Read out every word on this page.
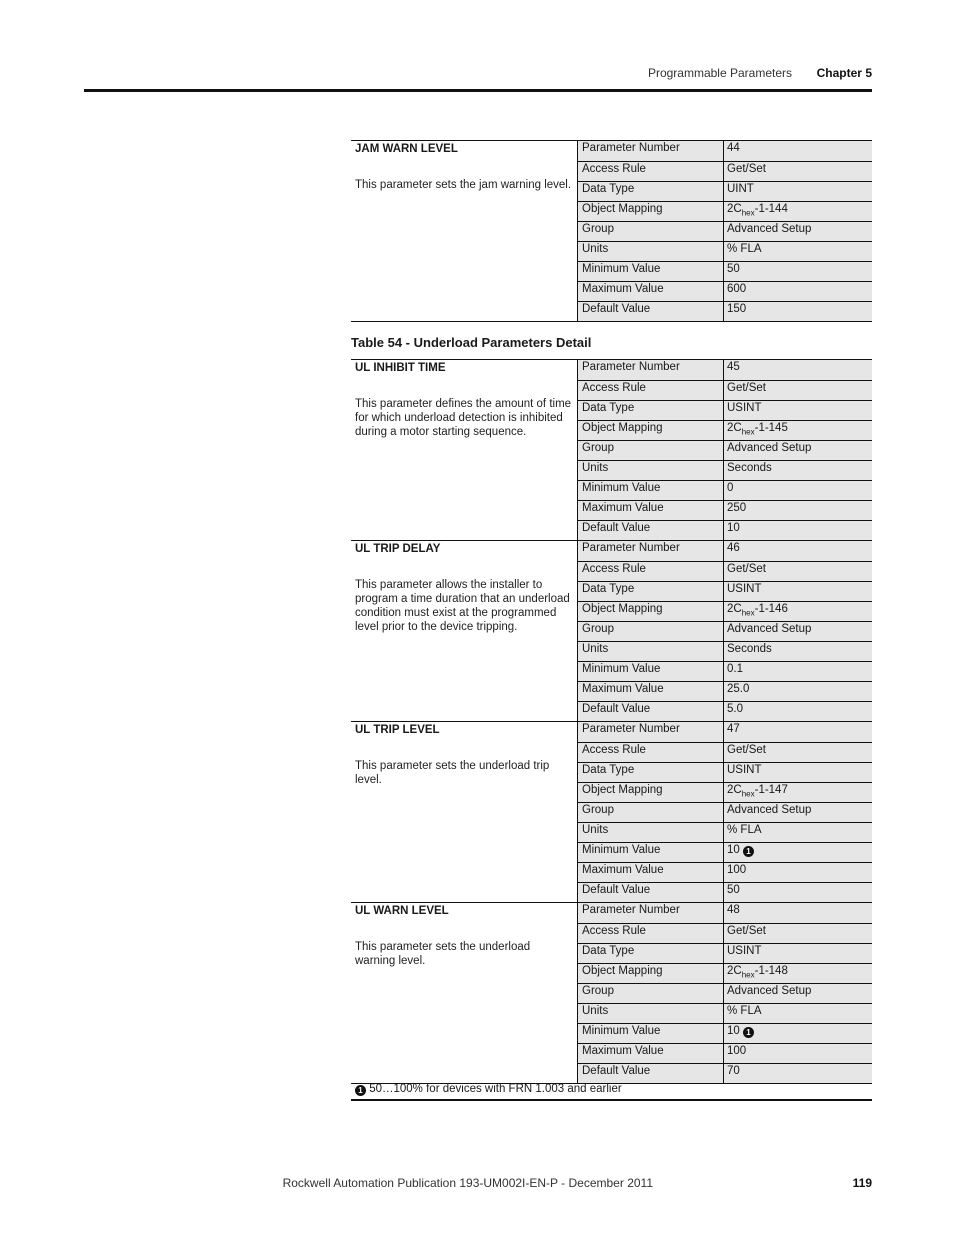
Programmable Parameters Chapter 5
JAM WARN LEVEL
This parameter sets the jam warning level.
Parameter Number	44
Access Rule	Get/Set
Data Type	UINT
Object Mapping	$2C_{hex}-1-144$
Group	Advanced Setup
Units	% FLA
Minimum Value	50
Maximum Value	600
Default Value	150
Table 54 - Underload Parameters Detail
UL INHIBIT TIME
This parameter defines the amount of time for which underload detection is inhibited during a motor starting sequence.
Parameter Number	45
Access Rule	Get/Set
Data Type	USINT
Object Mapping	$2C_{hex}-1-145$
Group	Advanced Setup
Units	Seconds
Minimum Value	0
Maximum Value	250
Default Value	10
UL TRIP DELAY
This parameter allows the installer to program a time duration that an underload condition must exist at the programmed level prior to the device tripping.
Parameter Number	46
Access Rule	Get/Set
Data Type	USINT
Object Mapping	$2C_{hex}-1-146$
Group	Advanced Setup
Units	Seconds
Minimum Value	0.1
Maximum Value	25.0
Default Value	5.0
UL TRIP LEVEL
This parameter sets the underload trip level.
Parameter Number	47
Access Rule	Get/Set
Data Type	USINT
Object Mapping	$2C_{hex}-1-147$
Group	Advanced Setup
Units	% FLA
Minimum Value	10 1
Maximum Value	100
Default Value	50
UL WARN LEVEL
This parameter sets the underload warning level.
Parameter Number	48
Access Rule	Get/Set
Data Type	USINT
Object Mapping	$2C_{hex}-1-148$
Group	Advanced Setup
Units	% FLA
Minimum Value	10 1
Maximum Value	100
Default Value	70
1 50…100% for devices with FRN 1.003 and earlier
Rockwell Automation Publication 193-UM002I-EN-P - December 2011	119
